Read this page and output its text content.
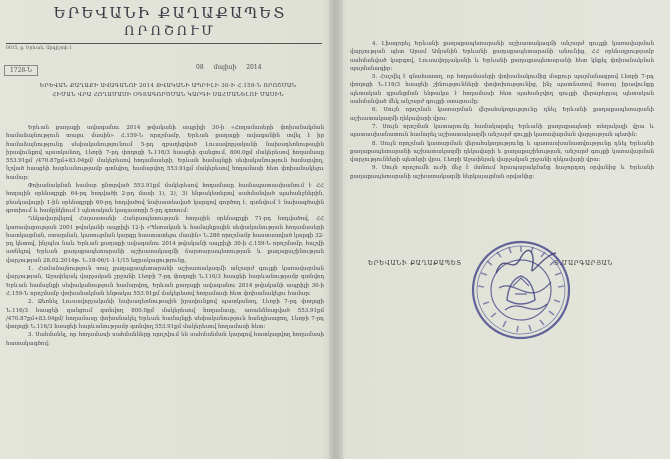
ԵՐԵՎԱՆԻ ՔԱՂԱՔԱՊԵՏ
ՈՐՈՇՈՒՄ
0015, ք. Երևան, Արգիշտի 1
1728-Ն	08 մայիսի 2014
ԵՐԵՎԱՆ ՔԱՂԱՔԻ ԱՎԱԳԱՆՈՒ 2014 ԹՎԱԿԱՆԻ ԱՊՐԻԼԻ 30-Ի Հ.159-Ն ՈՐՈՇՄԱՆ ՀԻՄԱՆ ՎՐԱ ՀՈՂԱՄԱՍԻ ՕԳՏԱԳՈՐԾՄԱՆ ԿԱՐԳԻ ՍԱՀՄԱՆԵԼՈՒ ՄԱՍԻՆ

Երևան քաղաքի ավագանու 2014 թվականի ապրիլի 30-ի «Հողամասերի փոխանակման համաձայնություն տալու մասին» Հ.159-Ն որոշմամբ, Երևան քաղաքի ավագանին տվել է իր համաձայնությունը սեփականությունում 5-րդ զբաղեցված Լուսավորչականի նախադեռնութային իրավունքով պատկանող, Լեռբի 7-րդ փողոցի Ն.116/3 հասցեի զանցում, 800.0քմ մակերեսով հողամասը 553.91քմ /470.87քմ+83.04քմ/ մակերեսով հողամասերի, Երևան համայնքի սեփականություն համարվող, նշված հասցեի հարևանությամբ գտնվող, համարվող 553.91քմ մակերեսով հողամասի հետ փոխանակելու համար:

Փոխանակման համար ընտրված 553.91քմ մակերեսով հողամասը համապատասխանում է ՀՀ հողային օրենսգրքի 64-րդ հոդվածի 2-րդ մասի 1), 2), 3) ենթակետերով սահմանված պահանջներին, բնակավայրի 1-ին օրենսգրքի 60-րդ հոդվածով նախատեսված կարգով գործող է, գտնվում է նախագծային գոտիում և համընկնում է պետական կադաստրի 5-րդ գոտում:

Ղեկավարվելով Հայաստանի Հանրապետության հողային օրենսգրքի 71-րդ հոդվածով, ՀՀ կառավարության 2001 թվականի ապրիլի 12-ի «Պետական և համայնքային սեփականության հողամասերի հատկացման, օտարման, կառուցման կարգը հաստատելու մասին» Ն.286 որոշմամբ հաստատված կարգի 32-րդ կետով, ինչպես նաև Երևան քաղաքի ավագանու 2014 թվականի ապրիլի 30-ի Հ.159-Ն որոշմամբ, հաշվի առնելով Երևան քաղաքապետարանի աշխատակազմի ճարտարապետության և քաղաքաշինության վարչության 28.02.2014թ. Ն.18-06/1-1-1/15 եզրակացությունը,

1. Համաձայնություն տալ քաղաքապետարանի աշխատակազմի անշարժ գույքի կառավարման վարչության, Աջափնյակ վարչական շրջանի Լեռբի 7-րդ փողոցի Ն.116/3 հասցեի հարևանությամբ գտնվող Երևան համայնքի սեփականություն համարվող, Երևան քաղաքի ավագանու 2014 թվականի ապրիլի 30-ի Հ.159-Ն որոշմամբ փոխանակման ենթակա 553.91քմ մակերեսով հողամասի հետ փոխանակելու համար:

2. Ձեռնել Լուսավորչականի նախադեռնութային իրավունքով պատկանող, Լեռբի 7-րդ փողոցի Ն.116/3 հասցեի զանցում գտնվող 800.0քմ մակերեսով հողամասը, առանձնացված 553.91քմ /470.87քմ+83.04քմ/ հողամասը փոխանակել Երևան համայնքի սեփականություն հանդիսացող, Լեռբի 7-րդ փողոցի Ն.116/3 հասցեի հարևանությամբ գտնվող 553.91քմ մակերեսով հողամասի հետ:

3. Սահմանել, որ հողամասի սահմանները որոշվում են սահմանման կարգով հատկացվող հողամասի հատակագծով:

4. Լիազորել Երևանի քաղաքապետարանի աշխատակազմի անշարժ գույքի կառավարման վարչության պետ Արամ Ամյանին Երևանի քաղաքապետարանի անունից, ՀՀ օրենսդրությամբ սահմանված կարգով, Լուսավորչականի և Երևանի քաղաքապետարանի հետ կնքել փոխանակման պայմանագիր:

5. Հաշվել է գնահատող, որ հողամասերի փոխանակումից մաքուր պայմանագրով Լեռբի 7-րդ փողոցի Ն.116/3 հասցեի շինությունների փոփոխությունից, ինչ պատճառով ծառայ իրավունքը պետական գրանցման ենթակա է հողամասի հետ պահանջվող գույքի վերաբերյալ պետական սահմանված մեկ անշարժ գույքի օտարումը:

6. Սույն որոշման կատարման վերահսկողությունը դնել Երևանի քաղաքապետարանի աշխատակազմի ղեկավարի վրա:

7. Սույն որոշման կատարումը համակարգել Երևանի քաղաքապետի տեղակալի վրա և պատասխանատուն համարել աշխատակազմի անշարժ գույքի կառավարման վարչության պետին:

8. Սույն որոշման կատարման վերահսկողությունը և պատասխանատվությունը դնել Երևանի քաղաքապետարանի աշխատակազմի ղեկավարի և քաղաքաշինության, անշարժ գույքի կառավարման վարչությունների պետերի վրա, Լեռբի Աջափնյակ վարչական շրջանի ղեկավարի վրա:

9. Սույն որոշումն ուժի մեջ է մտնում հրապարակմանը հաջորդող օրվանից և Երևանի քաղաքապետարանի աշխատակազմի ներկայացման օրվանից:

ԵՐԵՎԱՆԻ ՔԱՂԱՔԱՊԵՏ	Տ.ՄԱՐԳԱՐՅԱՆ
